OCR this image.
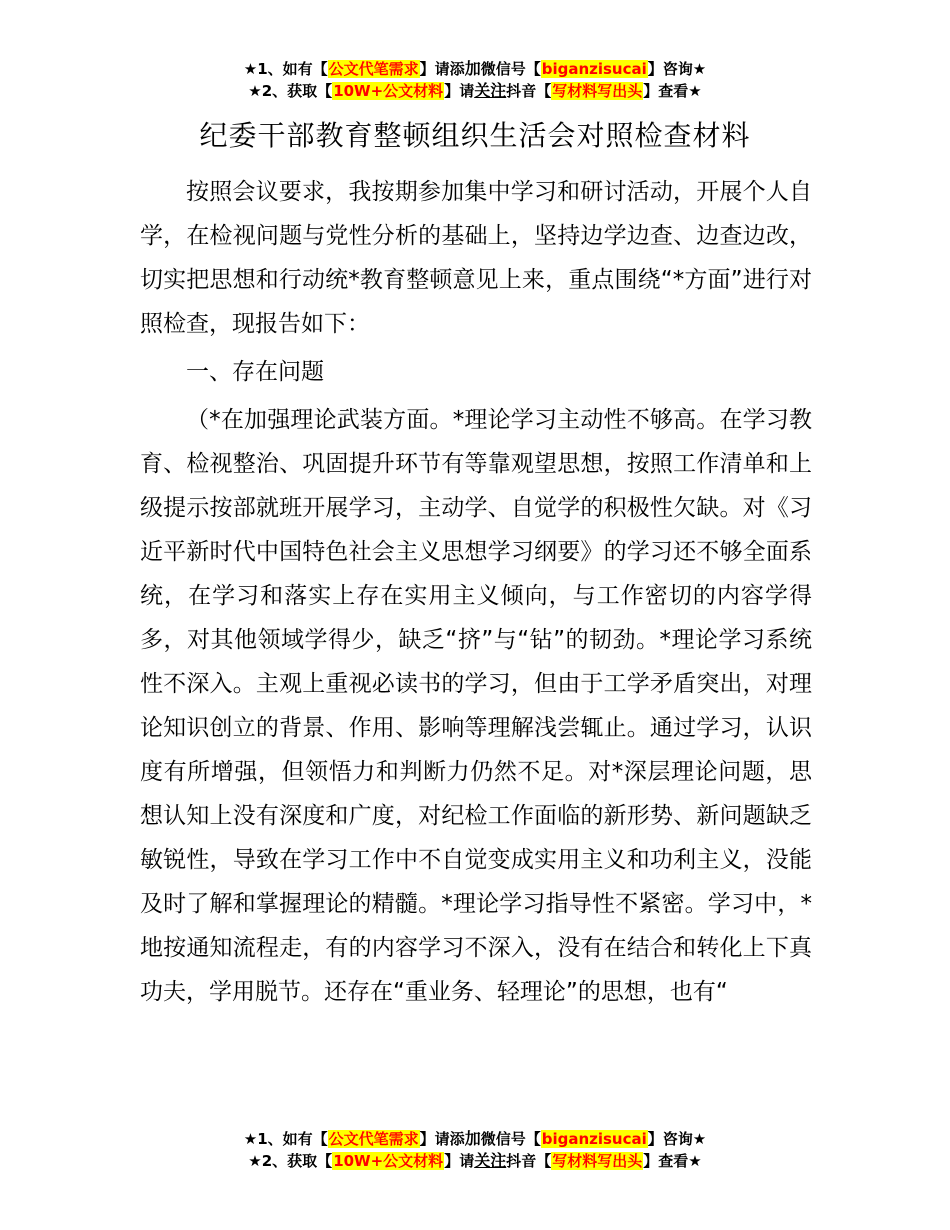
★1、如有【公文代笔需求】请添加微信号【biganzisucai】咨询★
★2、获取【10W+公文材料】请关注抖音【写材料写出头】查看★
纪委干部教育整顿组织生活会对照检查材料

按照会议要求，我按期参加集中学习和研讨活动，开展个人自学，在检视问题与党性分析的基础上，坚持边学边查、边查边改，切实把思想和行动统*教育整顿意见上来，重点围绕“*方面”进行对照检查，现报告如下：

一、存在问题

（*在加强理论武装方面。*理论学习主动性不够高。在学习教育、检视整治、巩固提升环节有等靠观望思想，按照工作清单和上级提示按部就班开展学习，主动学、自觉学的积极性欠缺。对《习近平新时代中国特色社会主义思想学习纲要》的学习还不够全面系统，在学习和落实上存在实用主义倾向，与工作密切的内容学得多，对其他领域学得少，缺乏“挤”与“钻”的韧劲。*理论学习系统性不深入。主观上重视必读书的学习，但由于工学矛盾突出，对理论知识创立的背景、作用、影响等理解浅尝辄止。通过学习，认识度有所增强，但领悟力和判断力仍然不足。对*深层理论问题，思想认知上没有深度和广度，对纪检工作面临的新形势、新问题缺乏敏锐性，导致在学习工作中不自觉变成实用主义和功利主义，没能及时了解和掌握理论的精髓。*理论学习指导性不紧密。学习中，*地按通知流程走，有的内容学习不深入，没有在结合和转化上下真功夫，学用脱节。还存在“重业务、轻理论”的思想，也有“

★1、如有【公文代笔需求】请添加微信号【biganzisucai】咨询★
★2、获取【10W+公文材料】请关注抖音【写材料写出头】查看★
